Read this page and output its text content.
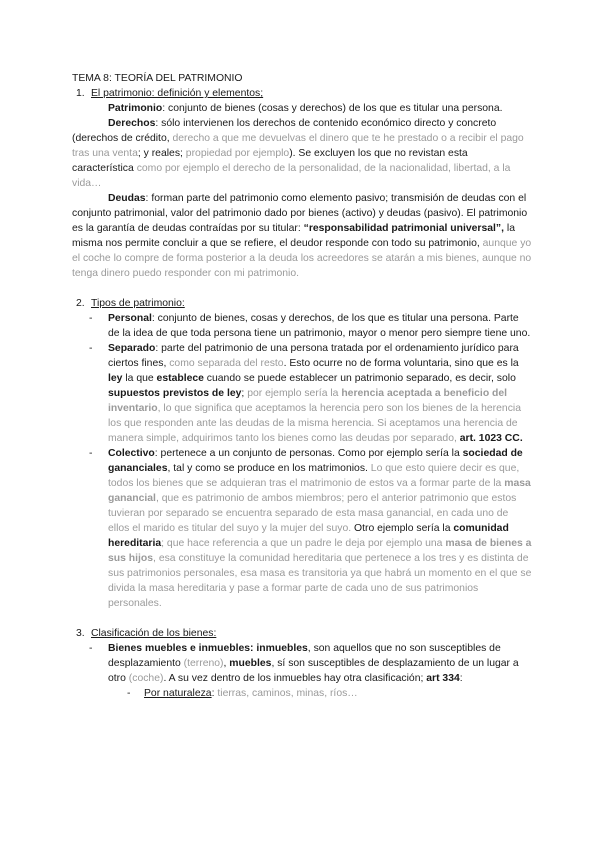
TEMA 8: TEORÍA DEL PATRIMONIO

1. El patrimonio: definición y elementos;

Patrimonio: conjunto de bienes (cosas y derechos) de los que es titular una persona.

Derechos: sólo intervienen los derechos de contenido económico directo y concreto (derechos de crédito, derecho a que me devuelvas el dinero que te he prestado o a recibir el pago tras una venta; y reales; propiedad por ejemplo). Se excluyen los que no revistan esta característica como por ejemplo el derecho de la personalidad, de la nacionalidad, libertad, a la vida…

Deudas: forman parte del patrimonio como elemento pasivo; transmisión de deudas con el conjunto patrimonial, valor del patrimonio dado por bienes (activo) y deudas (pasivo). El patrimonio es la garantía de deudas contraídas por su titular: “responsabilidad patrimonial universal”, la misma nos permite concluir a que se refiere, el deudor responde con todo su patrimonio, aunque yo el coche lo compre de forma posterior a la deuda los acreedores se atarán a mis bienes, aunque no tenga dinero puedo responder con mi patrimonio.

2. Tipos de patrimonio:

- Personal: conjunto de bienes, cosas y derechos, de los que es titular una persona. Parte de la idea de que toda persona tiene un patrimonio, mayor o menor pero siempre tiene uno.

- Separado: parte del patrimonio de una persona tratada por el ordenamiento jurídico para ciertos fines, como separada del resto. Esto ocurre no de forma voluntaria, sino que es la ley la que establece cuando se puede establecer un patrimonio separado, es decir, solo supuestos previstos de ley; por ejemplo sería la herencia aceptada a beneficio del inventario, lo que significa que aceptamos la herencia pero son los bienes de la herencia los que responden ante las deudas de la misma herencia. Si aceptamos una herencia de manera simple, adquirimos tanto los bienes como las deudas por separado, art. 1023 CC.

- Colectivo: pertenece a un conjunto de personas. Como por ejemplo sería la sociedad de gananciales, tal y como se produce en los matrimonios. Lo que esto quiere decir es que, todos los bienes que se adquieran tras el matrimonio de estos va a formar parte de la masa ganancial, que es patrimonio de ambos miembros; pero el anterior patrimonio que estos tuvieran por separado se encuentra separado de esta masa ganancial, en cada uno de ellos el marido es titular del suyo y la mujer del suyo. Otro ejemplo sería la comunidad hereditaria; que hace referencia a que un padre le deja por ejemplo una masa de bienes a sus hijos, esa constituye la comunidad hereditaria que pertenece a los tres y es distinta de sus patrimonios personales, esa masa es transitoria ya que habrá un momento en el que se divida la masa hereditaria y pase a formar parte de cada uno de sus patrimonios personales.

3. Clasificación de los bienes:

- Bienes muebles e inmuebles: inmuebles, son aquellos que no son susceptibles de desplazamiento (terreno), muebles, sí son susceptibles de desplazamiento de un lugar a otro (coche). A su vez dentro de los inmuebles hay otra clasificación; art 334:

- Por naturaleza: tierras, caminos, minas, ríos…
